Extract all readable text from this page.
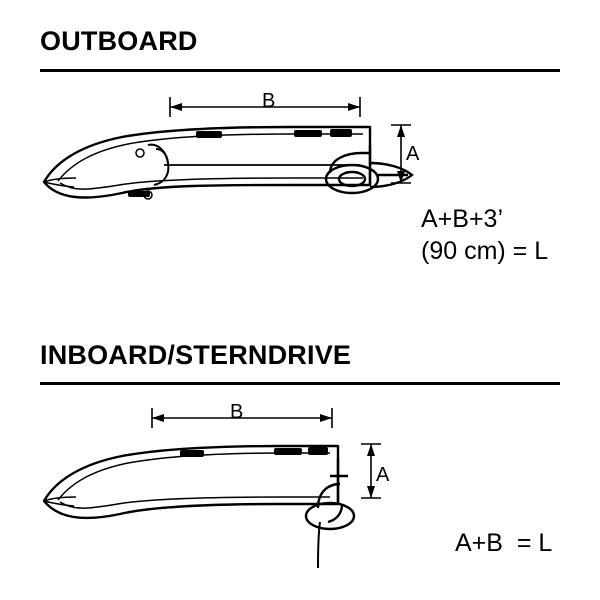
OUTBOARD
B
A
A+B+3’
(90 cm) = L
INBOARD/STERNDRIVE
B
A
A+B  = L
